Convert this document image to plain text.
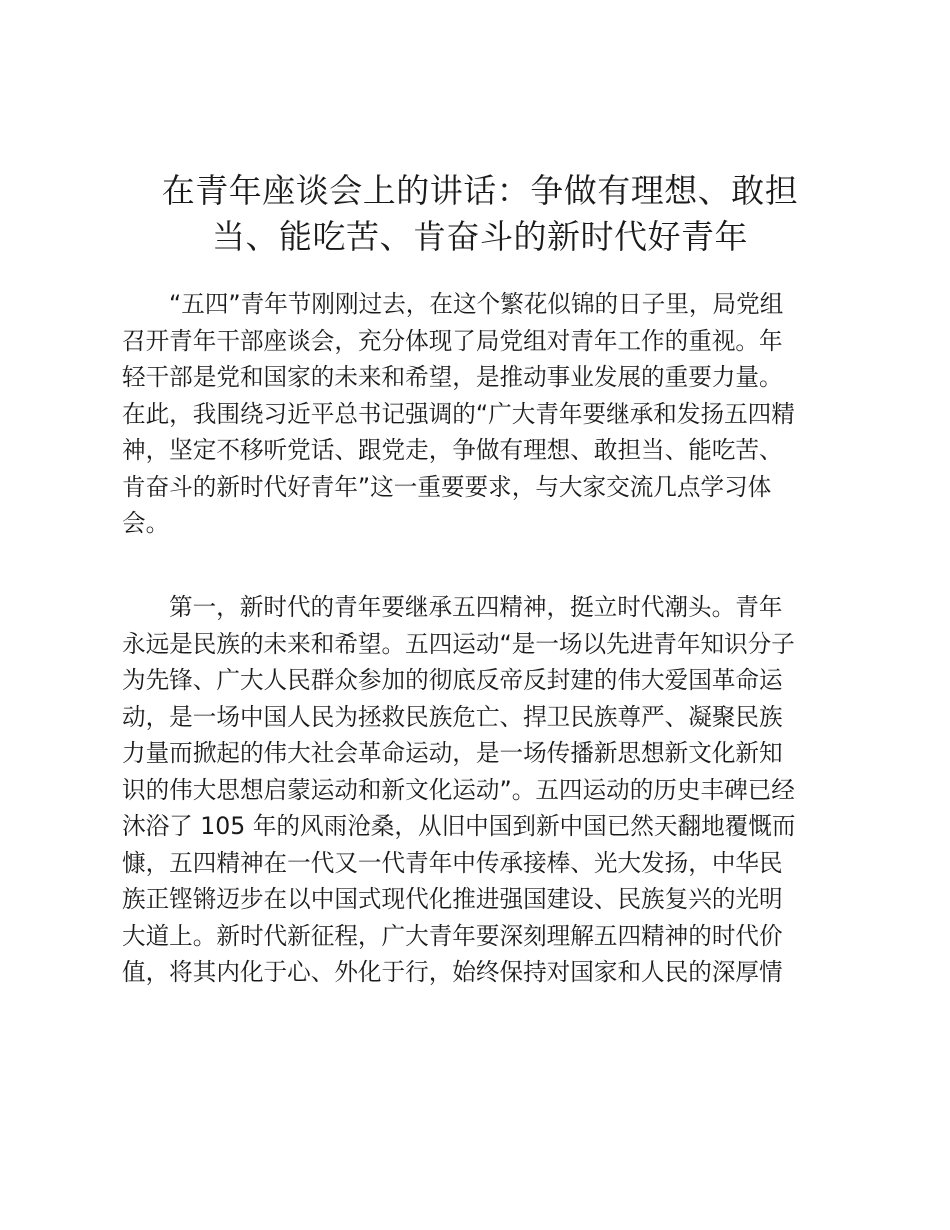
在青年座谈会上的讲话：争做有理想、敢担
当、能吃苦、肯奋斗的新时代好青年
“五四”青年节刚刚过去，在这个繁花似锦的日子里，局党组
召开青年干部座谈会，充分体现了局党组对青年工作的重视。年
轻干部是党和国家的未来和希望，是推动事业发展的重要力量。
在此，我围绕习近平总书记强调的“广大青年要继承和发扬五四精
神，坚定不移听党话、跟党走，争做有理想、敢担当、能吃苦、
肯奋斗的新时代好青年”这一重要要求，与大家交流几点学习体
会。
第一，新时代的青年要继承五四精神，挺立时代潮头。青年
永远是民族的未来和希望。五四运动“是一场以先进青年知识分子
为先锋、广大人民群众参加的彻底反帝反封建的伟大爱国革命运
动，是一场中国人民为拯救民族危亡、捍卫民族尊严、凝聚民族
力量而掀起的伟大社会革命运动，是一场传播新思想新文化新知
识的伟大思想启蒙运动和新文化运动”。五四运动的历史丰碑已经
沐浴了 105 年的风雨沧桑，从旧中国到新中国已然天翻地覆慨而
慷，五四精神在一代又一代青年中传承接棒、光大发扬，中华民
族正铿锵迈步在以中国式现代化推进强国建设、民族复兴的光明
大道上。新时代新征程，广大青年要深刻理解五四精神的时代价
值，将其内化于心、外化于行，始终保持对国家和人民的深厚情
